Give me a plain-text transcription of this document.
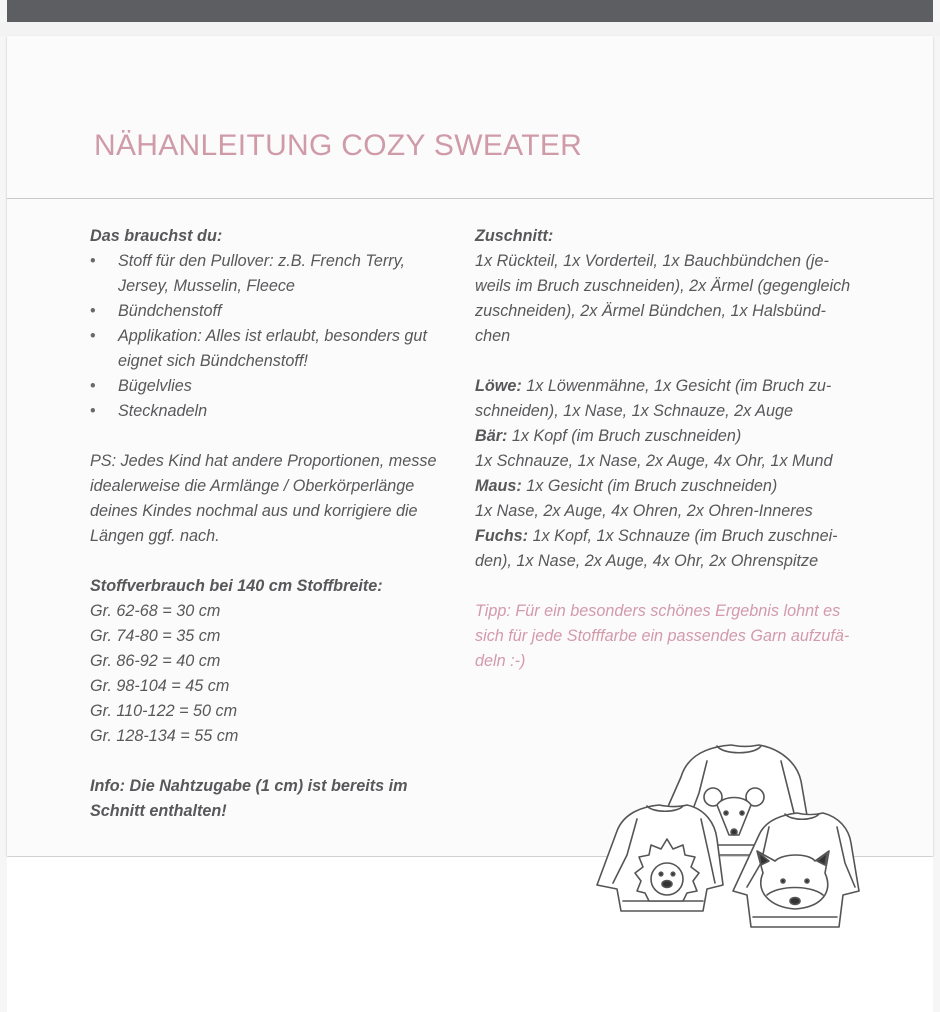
NÄHANLEITUNG COZY SWEATER
Das brauchst du:
• Stoff für den Pullover: z.B. French Terry, Jersey, Musselin, Fleece
• Bündchenstoff
• Applikation: Alles ist erlaubt, besonders gut eignet sich Bündchenstoff!
• Bügelvlies
• Stecknadeln
PS: Jedes Kind hat andere Proportionen, messe
idealerweise die Armlänge / Oberkörperlänge
deines Kindes nochmal aus und korrigiere die
Längen ggf. nach.
Stoffverbrauch bei 140 cm Stoffbreite:
Gr. 62-68 = 30 cm
Gr. 74-80 = 35 cm
Gr. 86-92 = 40 cm
Gr. 98-104 = 45 cm
Gr. 110-122 = 50 cm
Gr. 128-134 = 55 cm
Info: Die Nahtzugabe (1 cm) ist bereits im
Schnitt enthalten!
Zuschnitt:
1x Rückteil, 1x Vorderteil, 1x Bauchbündchen (je-
weils im Bruch zuschneiden), 2x Ärmel (gegengleich
zuschneiden), 2x Ärmel Bündchen, 1x Halsbünd-
chen
Löwe: 1x Löwenmähne, 1x Gesicht (im Bruch zu-
schneiden), 1x Nase, 1x Schnauze, 2x Auge
Bär: 1x Kopf (im Bruch zuschneiden)
1x Schnauze, 1x Nase, 2x Auge, 4x Ohr, 1x Mund
Maus: 1x Gesicht (im Bruch zuschneiden)
1x Nase, 2x Auge, 4x Ohren, 2x Ohren-Inneres
Fuchs: 1x Kopf, 1x Schnauze (im Bruch zuschnei-
den), 1x Nase, 2x Auge, 4x Ohr, 2x Ohrenspitze
Tipp: Für ein besonders schönes Ergebnis lohnt es
sich für jede Stofffarbe ein passendes Garn aufzufä-
deln :-)
